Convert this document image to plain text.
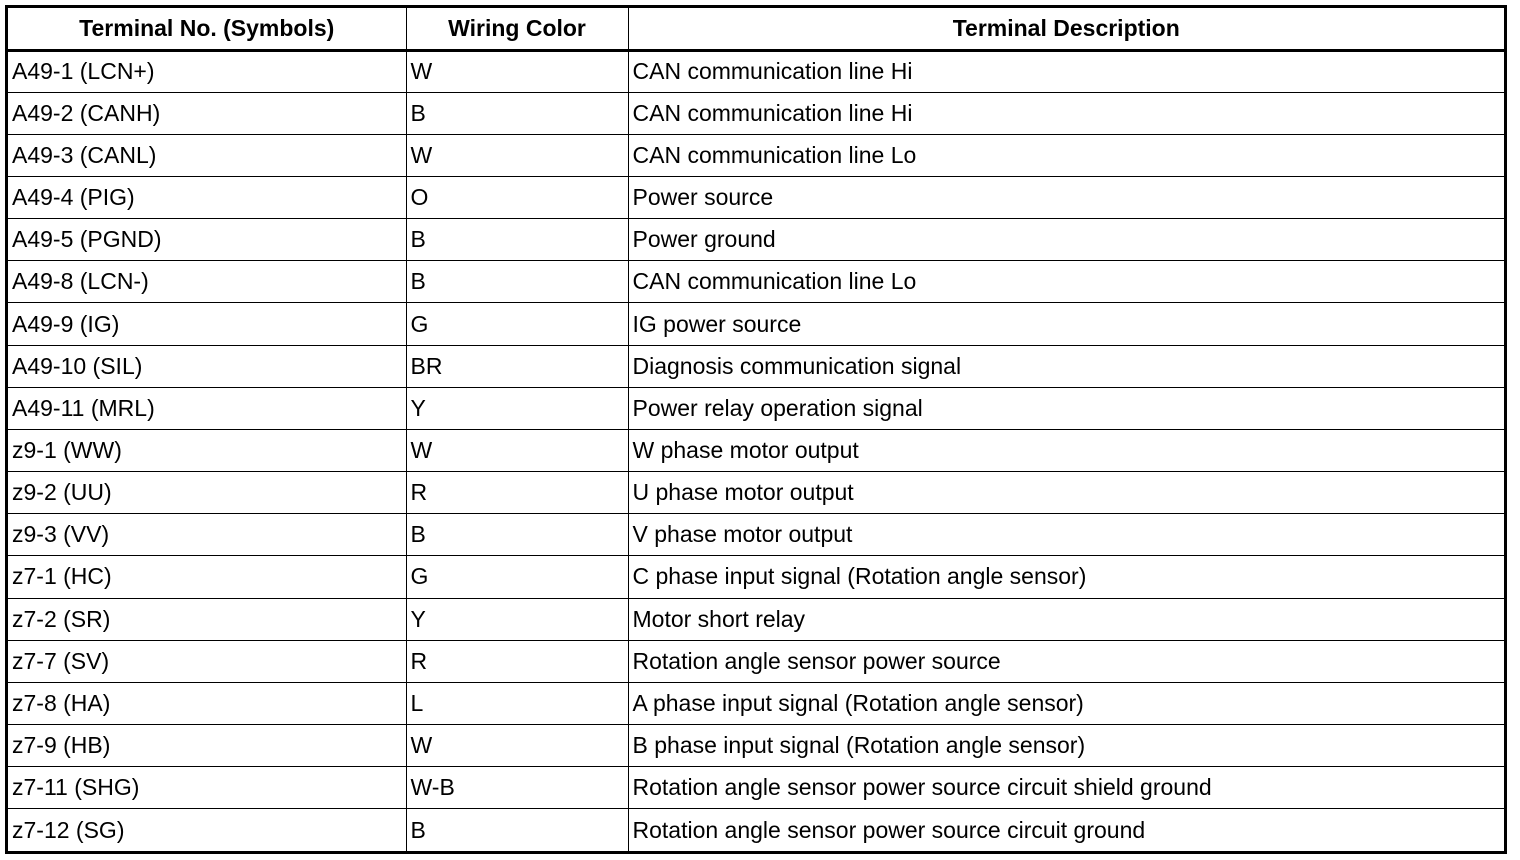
Terminal No. (Symbols)	Wiring Color	Terminal Description
A49-1 (LCN+)	W	CAN communication line Hi
A49-2 (CANH)	B	CAN communication line Hi
A49-3 (CANL)	W	CAN communication line Lo
A49-4 (PIG)	O	Power source
A49-5 (PGND)	B	Power ground
A49-8 (LCN-)	B	CAN communication line Lo
A49-9 (IG)	G	IG power source
A49-10 (SIL)	BR	Diagnosis communication signal
A49-11 (MRL)	Y	Power relay operation signal
z9-1 (WW)	W	W phase motor output
z9-2 (UU)	R	U phase motor output
z9-3 (VV)	B	V phase motor output
z7-1 (HC)	G	C phase input signal (Rotation angle sensor)
z7-2 (SR)	Y	Motor short relay
z7-7 (SV)	R	Rotation angle sensor power source
z7-8 (HA)	L	A phase input signal (Rotation angle sensor)
z7-9 (HB)	W	B phase input signal (Rotation angle sensor)
z7-11 (SHG)	W-B	Rotation angle sensor power source circuit shield ground
z7-12 (SG)	B	Rotation angle sensor power source circuit ground
